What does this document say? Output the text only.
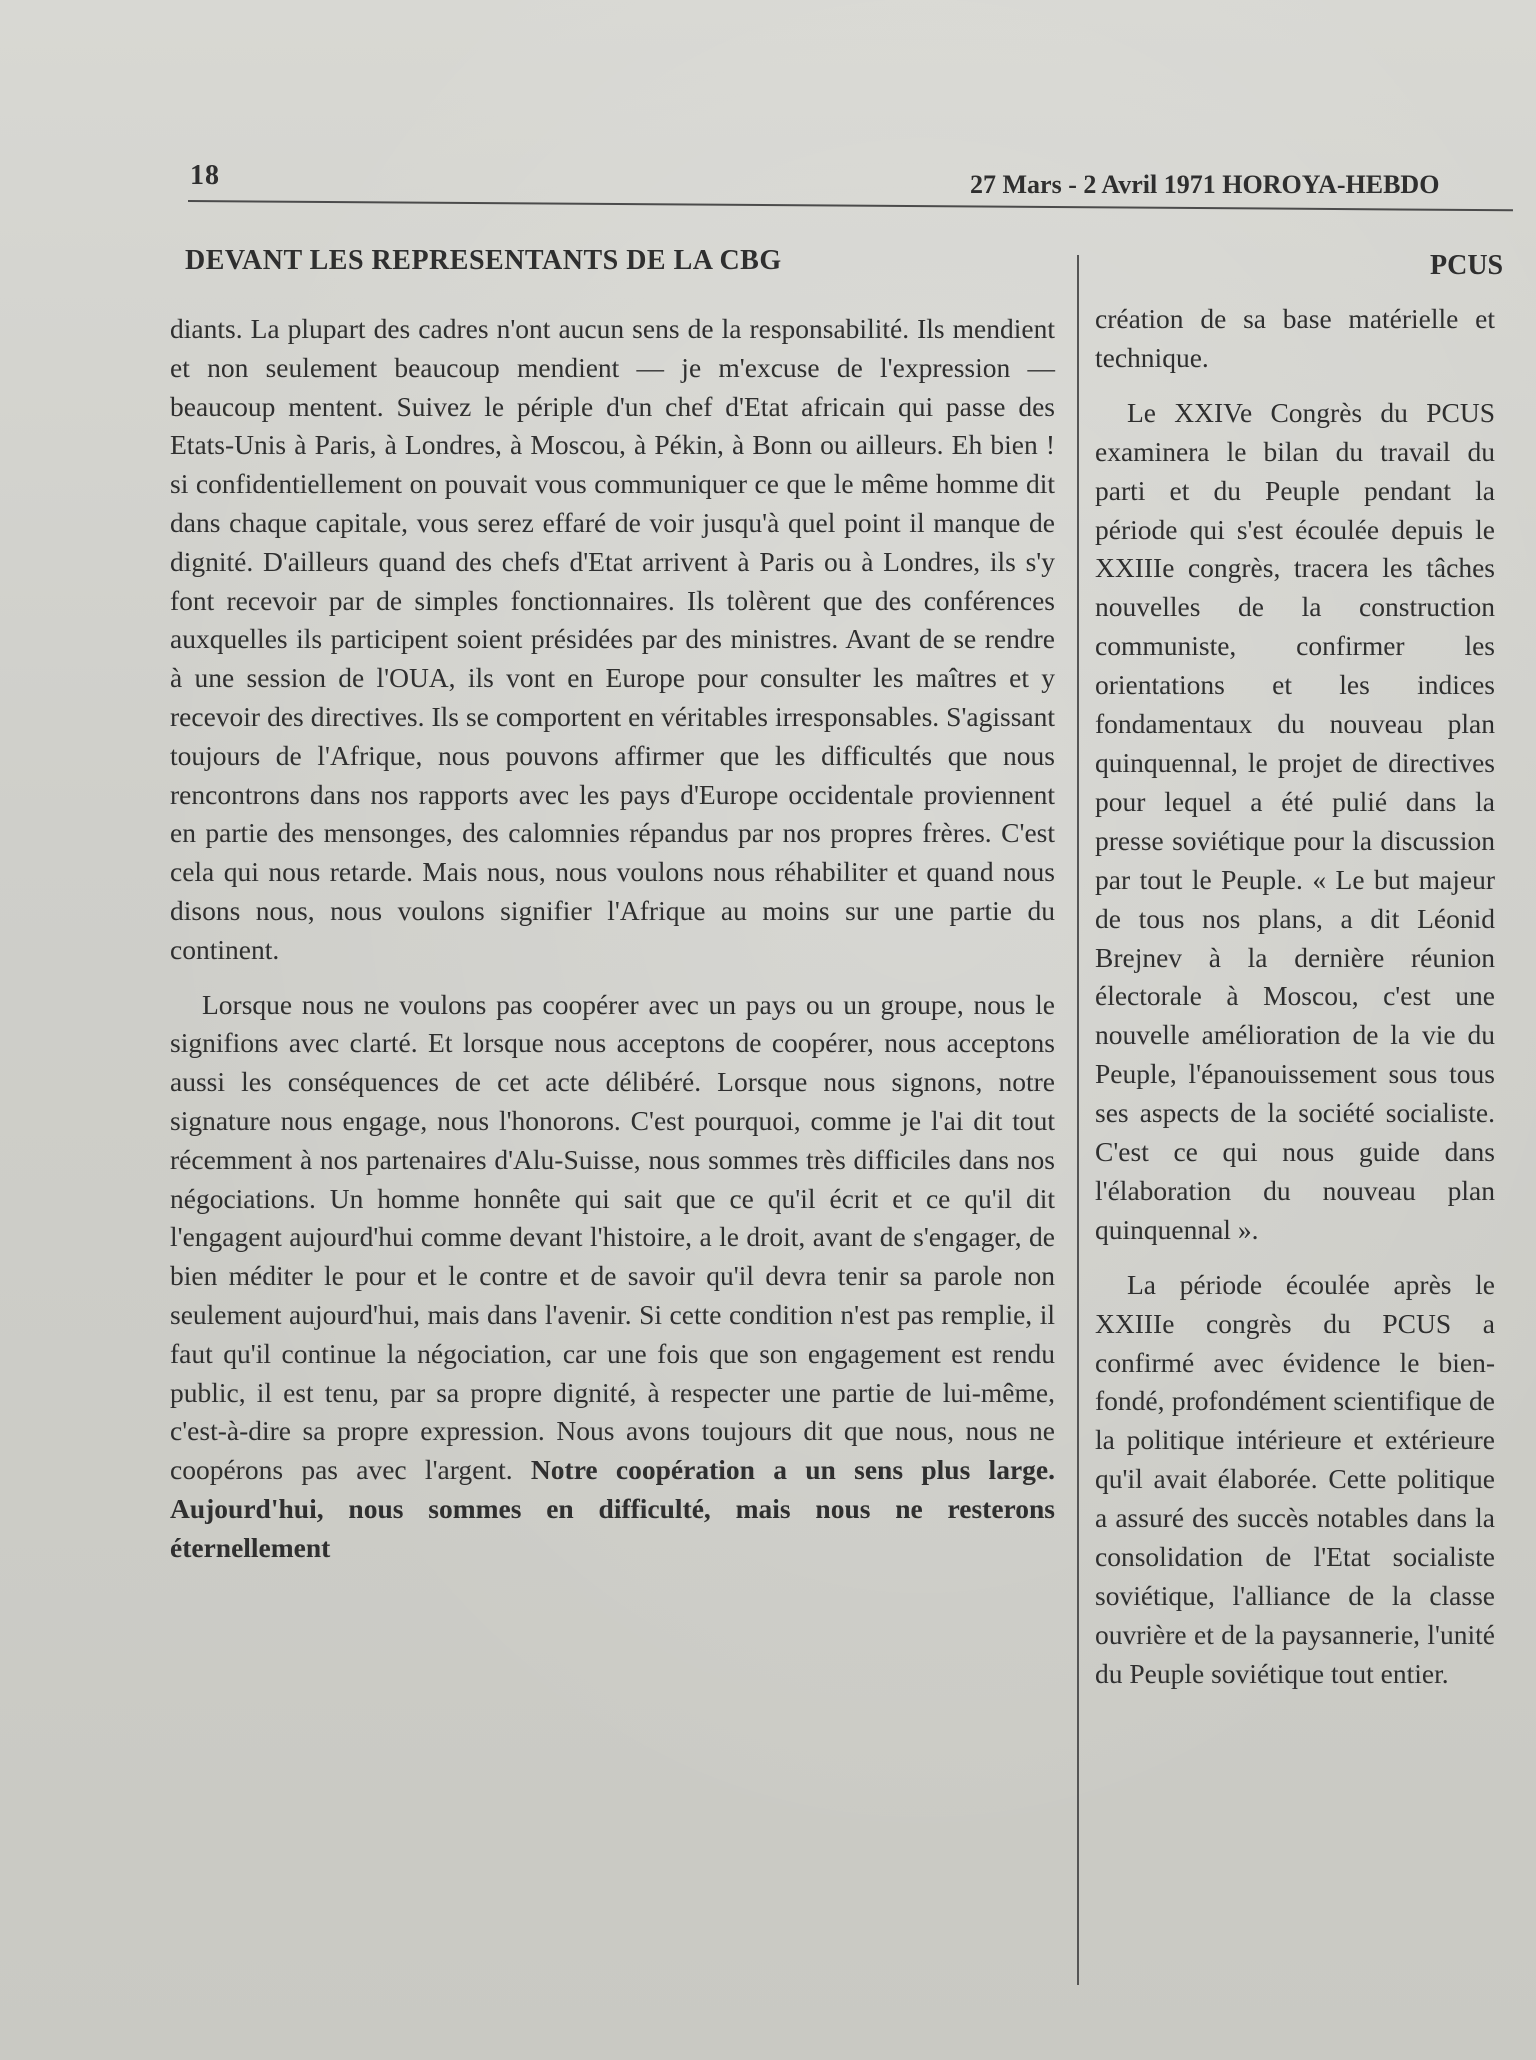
18	27 Mars - 2 Avril 1971 HOROYA-HEBDO
DEVANT LES REPRESENTANTS DE LA CBG	PCUS

diants. La plupart des cadres n'ont aucun sens de la responsabilité. Ils mendient et non seulement beaucoup mendient — je m'excuse de l'expression — beaucoup mentent. Suivez le périple d'un chef d'Etat africain qui passe des Etats-Unis à Paris, à Londres, à Moscou, à Pékin, à Bonn ou ailleurs. Eh bien ! si confidentiellement on pouvait vous communiquer ce que le même homme dit dans chaque capitale, vous serez effaré de voir jusqu'à quel point il manque de dignité. D'ailleurs quand des chefs d'Etat arrivent à Paris ou à Londres, ils s'y font recevoir par de simples fonctionnaires. Ils tolèrent que des conférences auxquelles ils participent soient présidées par des ministres. Avant de se rendre à une session de l'OUA, ils vont en Europe pour consulter les maîtres et y recevoir des directives. Ils se comportent en véritables irresponsables. S'agissant toujours de l'Afrique, nous pouvons affirmer que les difficultés que nous rencontrons dans nos rapports avec les pays d'Europe occidentale proviennent en partie des mensonges, des calomnies répandus par nos propres frères. C'est cela qui nous retarde. Mais nous, nous voulons nous réhabiliter et quand nous disons nous, nous voulons signifier l'Afrique au moins sur une partie du continent.

Lorsque nous ne voulons pas coopérer avec un pays ou un groupe, nous le signifions avec clarté. Et lorsque nous acceptons de coopérer, nous acceptons aussi les conséquences de cet acte délibéré. Lorsque nous signons, notre signature nous engage, nous l'honorons. C'est pourquoi, comme je l'ai dit tout récemment à nos partenaires d'Alu-Suisse, nous sommes très difficiles dans nos négociations. Un homme honnête qui sait que ce qu'il écrit et ce qu'il dit l'engagent aujourd'hui comme devant l'histoire, a le droit, avant de s'engager, de bien méditer le pour et le contre et de savoir qu'il devra tenir sa parole non seulement aujourd'hui, mais dans l'avenir. Si cette condition n'est pas remplie, il faut qu'il continue la négociation, car une fois que son engagement est rendu public, il est tenu, par sa propre dignité, à respecter une partie de lui-même, c'est-à-dire sa propre expression. Nous avons toujours dit que nous, nous ne coopérons pas avec l'argent. Notre coopération a un sens plus large. Aujourd'hui, nous sommes en difficulté, mais nous ne resterons éternellement

création de sa base matérielle et technique.

Le XXIVe Congrès du PCUS examinera le bilan du travail du parti et du Peuple pendant la période qui s'est écoulée depuis le XXIIIe congrès, tracera les tâches nouvelles de la construction communiste, confirmer les orientations et les indices fondamentaux du nouveau plan quinquennal, le projet de directives pour lequel a été pulié dans la presse soviétique pour la discussion par tout le Peuple. « Le but majeur de tous nos plans, a dit Léonid Brejnev à la dernière réunion électorale à Moscou, c'est une nouvelle amélioration de la vie du Peuple, l'épanouissement sous tous ses aspects de la société socialiste. C'est ce qui nous guide dans l'élaboration du nouveau plan quinquennal ».

La période écoulée après le XXIIIe congrès du PCUS a confirmé avec évidence le bien-fondé, profondément scientifique de la politique intérieure et extérieure qu'il avait élaborée. Cette politique a assuré des succès notables dans la consolidation de l'Etat socialiste soviétique, l'alliance de la classe ouvrière et de la paysannerie, l'unité du Peuple soviétique tout entier.
